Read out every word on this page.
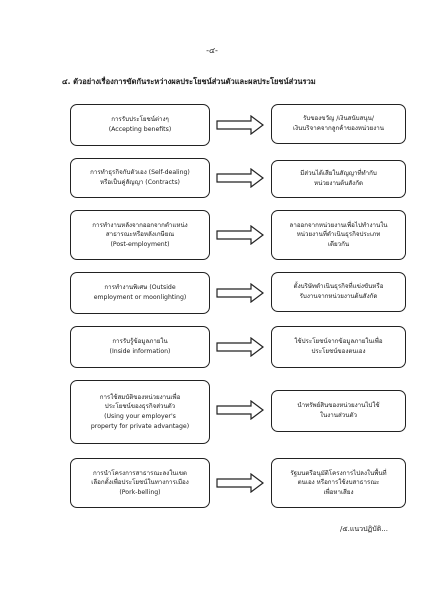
-๔-
๔. ตัวอย่างเรื่องการขัดกันระหว่างผลประโยชน์ส่วนตัวและผลประโยชน์ส่วนรวม
การรับประโยชน์ต่างๆ
(Accepting benefits)
รับของขวัญ /เงินสนับสนุน/
เงินบริจาคจากลูกค้าของหน่วยงาน
การทำธุรกิจกับตัวเอง (Self-dealing)
หรือเป็นคู่สัญญา (Contracts)
มีส่วนได้เสียในสัญญาที่ทำกับ
หน่วยงานต้นสังกัด
การทำงานหลังจากออกจากตำแหน่ง
สาธารณะหรือหลังเกษียณ
(Post-employment)
ลาออกจากหน่วยงานเพื่อไปทำงานใน
หน่วยงานที่ดำเนินธุรกิจประเภท
เดียวกัน
การทำงานพิเศษ (Outside
employment or moonlighting)
ตั้งบริษัทดำเนินธุรกิจที่แข่งขันหรือ
รับงานจากหน่วยงานต้นสังกัด
การรับรู้ข้อมูลภายใน
(Inside information)
ใช้ประโยชน์จากข้อมูลภายในเพื่อ
ประโยชน์ของตนเอง
การใช้สมบัติของหน่วยงานเพื่อ
ประโยชน์ของธุรกิจส่วนตัว
(Using your employer's
property for private advantage)
นำทรัพย์สินของหน่วยงานไปใช้
ในงานส่วนตัว
การนำโครงการสาธารณะลงในเขต
เลือกตั้งเพื่อประโยชน์ในทางการเมือง
(Pork-belling)
รัฐมนตรีอนุมัติโครงการไปลงในพื้นที่
ตนเอง หรือการใช้งบสาธารณะ
เพื่อหาเสียง
/๕.แนวปฏิบัติ...
